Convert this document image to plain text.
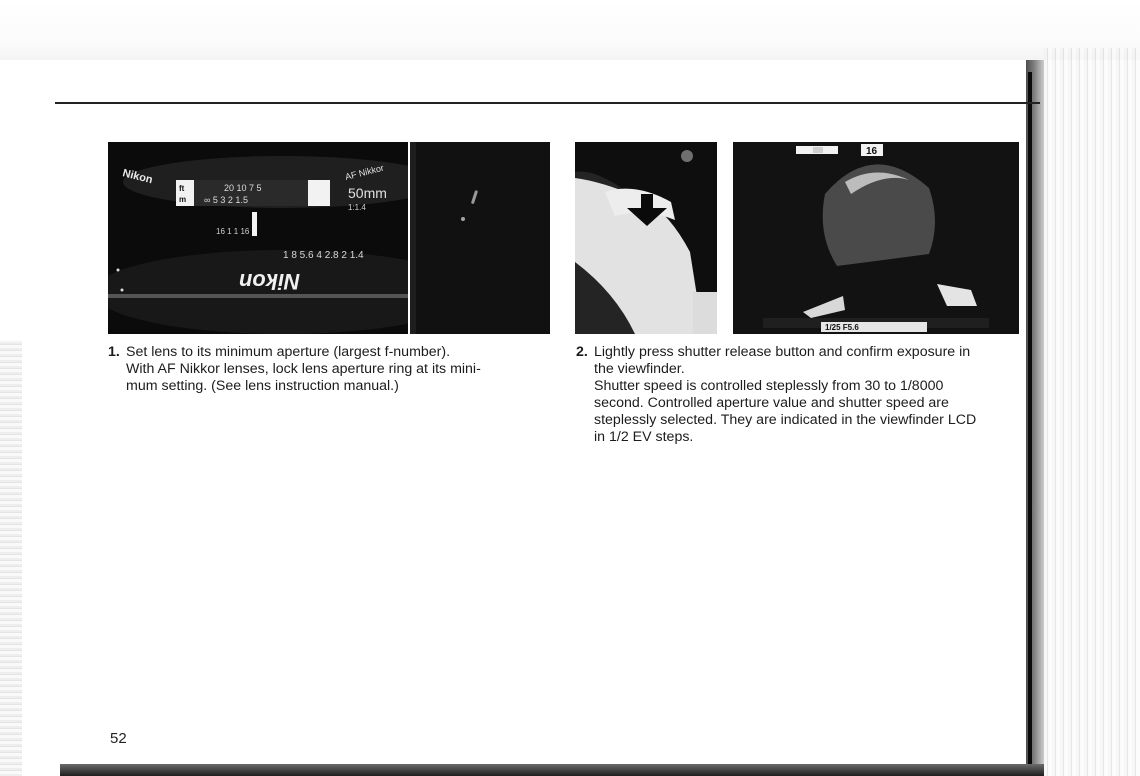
Nikon
ft
m
20 10 7 5
∞ 5 3 2 1.5
AF Nikkor
50mm
1:1.4
16 1 1 16
1 8 5.6 4 2.8 2 1.4
Nikon
16
1/25 F5.6
1. Set lens to its minimum aperture (largest f-number).
With AF Nikkor lenses, lock lens aperture ring at its mini-
mum setting. (See lens instruction manual.)
2. Lightly press shutter release button and confirm exposure in
the viewfinder.
Shutter speed is controlled steplessly from 30 to 1/8000
second. Controlled aperture value and shutter speed are
steplessly selected. They are indicated in the viewfinder LCD
in 1/2 EV steps.
52
